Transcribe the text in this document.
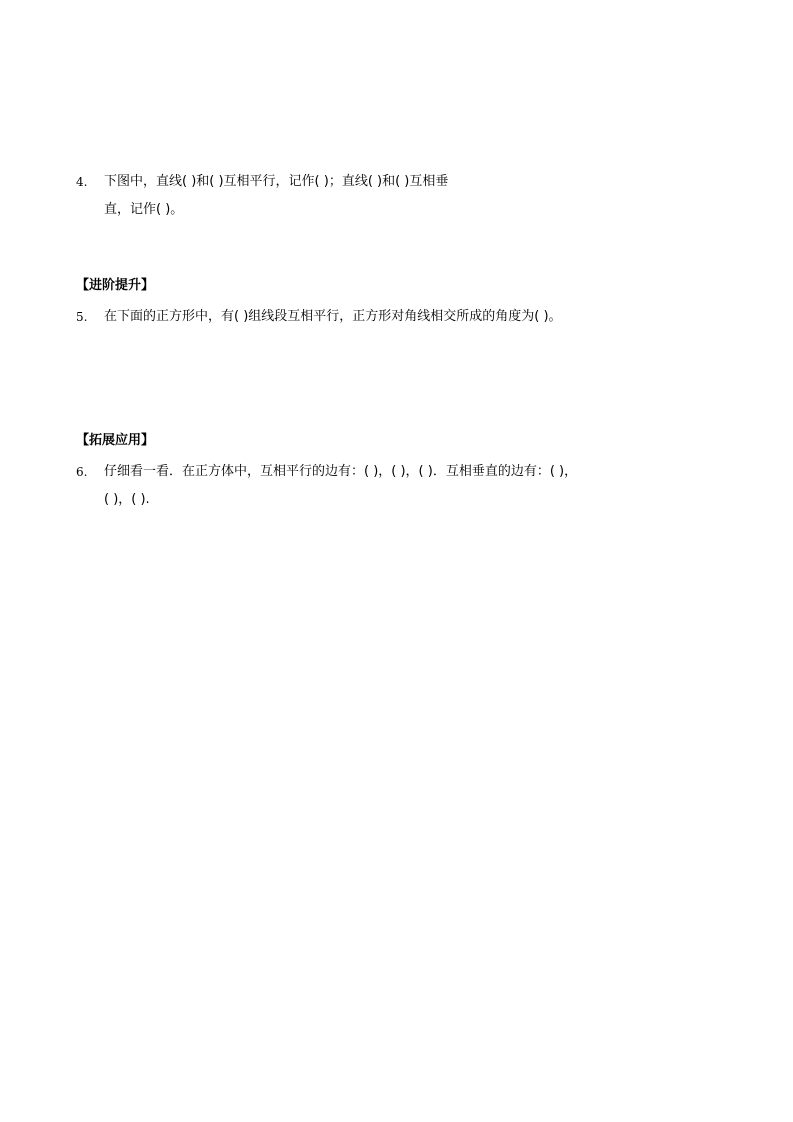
4. 下图中，直线( )和( )互相平行，记作( )；直线( )和( )互相垂
直，记作( )。
【进阶提升】
5. 在下面的正方形中，有( )组线段互相平行，正方形对角线相交所成的角度为( )。
【拓展应用】
6. 仔细看一看．在正方体中，互相平行的边有：( )，( )，( )．互相垂直的边有：( )，
( )，( ).
